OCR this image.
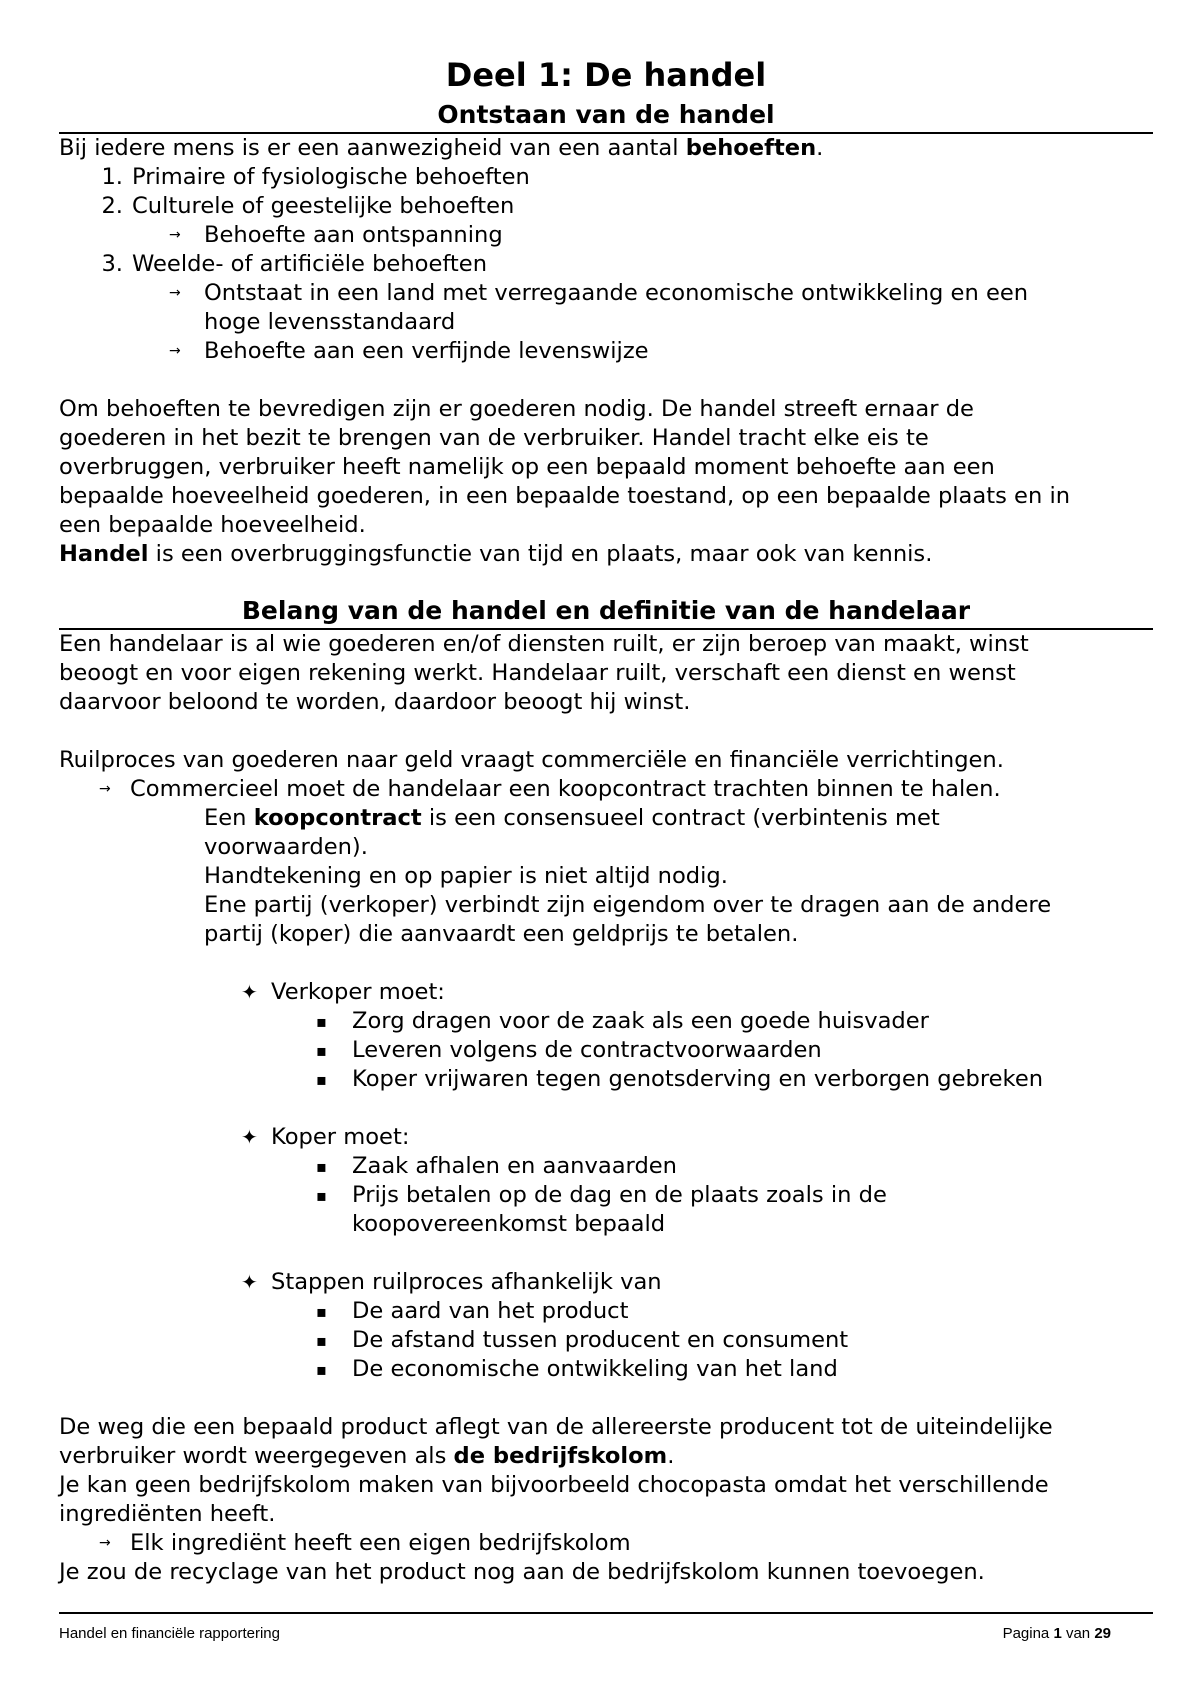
Deel 1: De handel
Ontstaan van de handel

Bij iedere mens is er een aanwezigheid van een aantal behoeften.

1. Primaire of fysiologische behoeften
2. Culturele of geestelijke behoeften
→	Behoefte aan ontspanning
3. Weelde- of artificiële behoeften
→	Ontstaat in een land met verregaande economische ontwikkeling en een
hoge levensstandaard
→	Behoefte aan een verfijnde levenswijze

Om behoeften te bevredigen zijn er goederen nodig. De handel streeft ernaar de

goederen in het bezit te brengen van de verbruiker. Handel tracht elke eis te

overbruggen, verbruiker heeft namelijk op een bepaald moment behoefte aan een

bepaalde hoeveelheid goederen, in een bepaalde toestand, op een bepaalde plaats en in

een bepaalde hoeveelheid.

Handel is een overbruggingsfunctie van tijd en plaats, maar ook van kennis.

Belang van de handel en definitie van de handelaar

Een handelaar is al wie goederen en/of diensten ruilt, er zijn beroep van maakt, winst

beoogt en voor eigen rekening werkt. Handelaar ruilt, verschaft een dienst en wenst

daarvoor beloond te worden, daardoor beoogt hij winst.

Ruilproces van goederen naar geld vraagt commerciële en financiële verrichtingen.

→ Commercieel moet de handelaar een koopcontract trachten binnen te halen.

Een koopcontract is een consensueel contract (verbintenis met

voorwaarden).

Handtekening en op papier is niet altijd nodig.

Ene partij (verkoper) verbindt zijn eigendom over te dragen aan de andere

partij (koper) die aanvaardt een geldprijs te betalen.

✦ Verkoper moet:
▪	Zorg dragen voor de zaak als een goede huisvader
▪	Leveren volgens de contractvoorwaarden
▪	Koper vrijwaren tegen genotsderving en verborgen gebreken
✦ Koper moet:
▪	Zaak afhalen en aanvaarden
▪	Prijs betalen op de dag en de plaats zoals in de
koopovereenkomst bepaald
✦ Stappen ruilproces afhankelijk van
▪	De aard van het product
▪	De afstand tussen producent en consument
▪	De economische ontwikkeling van het land

De weg die een bepaald product aflegt van de allereerste producent tot de uiteindelijke

verbruiker wordt weergegeven als de bedrijfskolom.

Je kan geen bedrijfskolom maken van bijvoorbeeld chocopasta omdat het verschillende

ingrediënten heeft.

→ Elk ingrediënt heeft een eigen bedrijfskolom

Je zou de recyclage van het product nog aan de bedrijfskolom kunnen toevoegen.

Handel en financiële rapportering	Pagina 1 van 29
